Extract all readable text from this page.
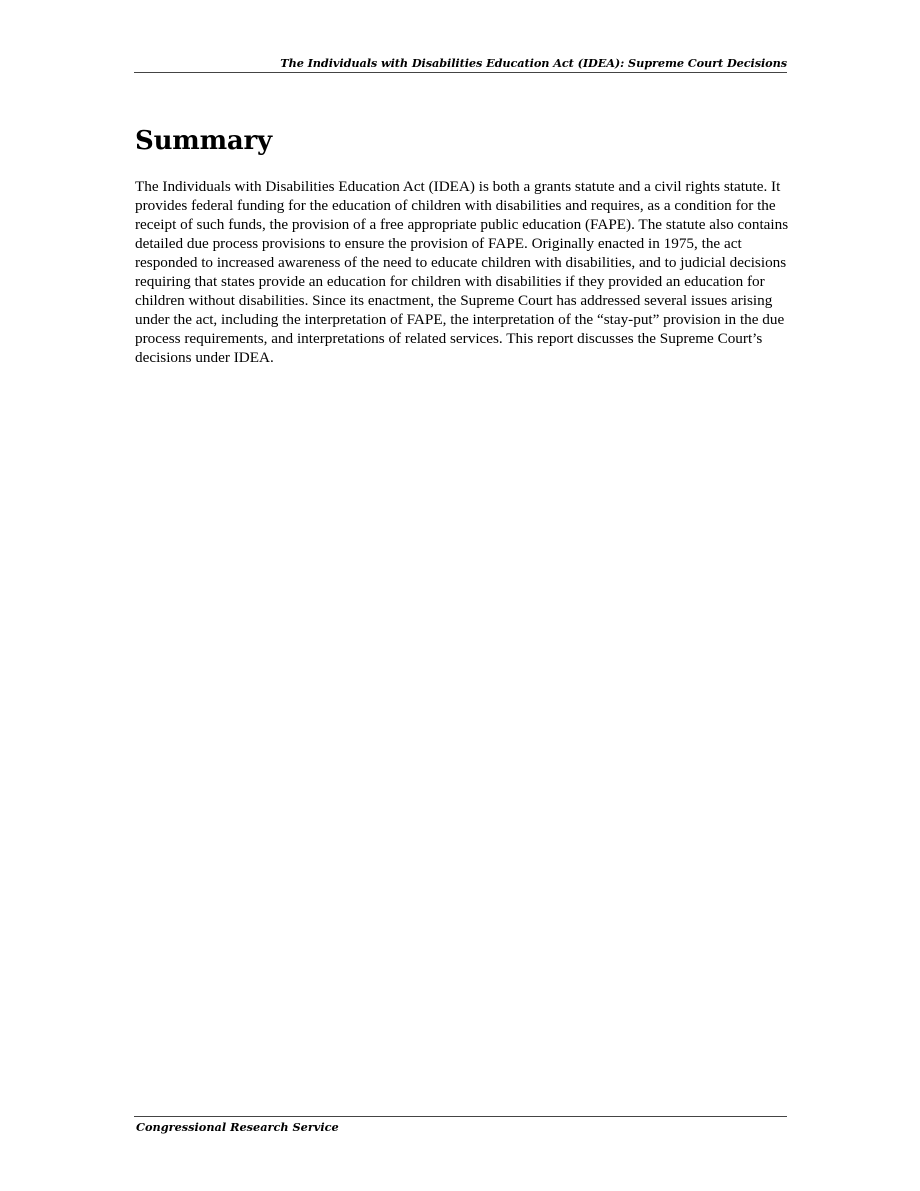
The Individuals with Disabilities Education Act (IDEA): Supreme Court Decisions
Summary

The Individuals with Disabilities Education Act (IDEA) is both a grants statute and a civil rights statute. It provides federal funding for the education of children with disabilities and requires, as a condition for the receipt of such funds, the provision of a free appropriate public education (FAPE). The statute also contains detailed due process provisions to ensure the provision of FAPE. Originally enacted in 1975, the act responded to increased awareness of the need to educate children with disabilities, and to judicial decisions requiring that states provide an education for children with disabilities if they provided an education for children without disabilities. Since its enactment, the Supreme Court has addressed several issues arising under the act, including the interpretation of FAPE, the interpretation of the “stay-put” provision in the due process requirements, and interpretations of related services. This report discusses the Supreme Court’s decisions under IDEA.

Congressional Research Service
